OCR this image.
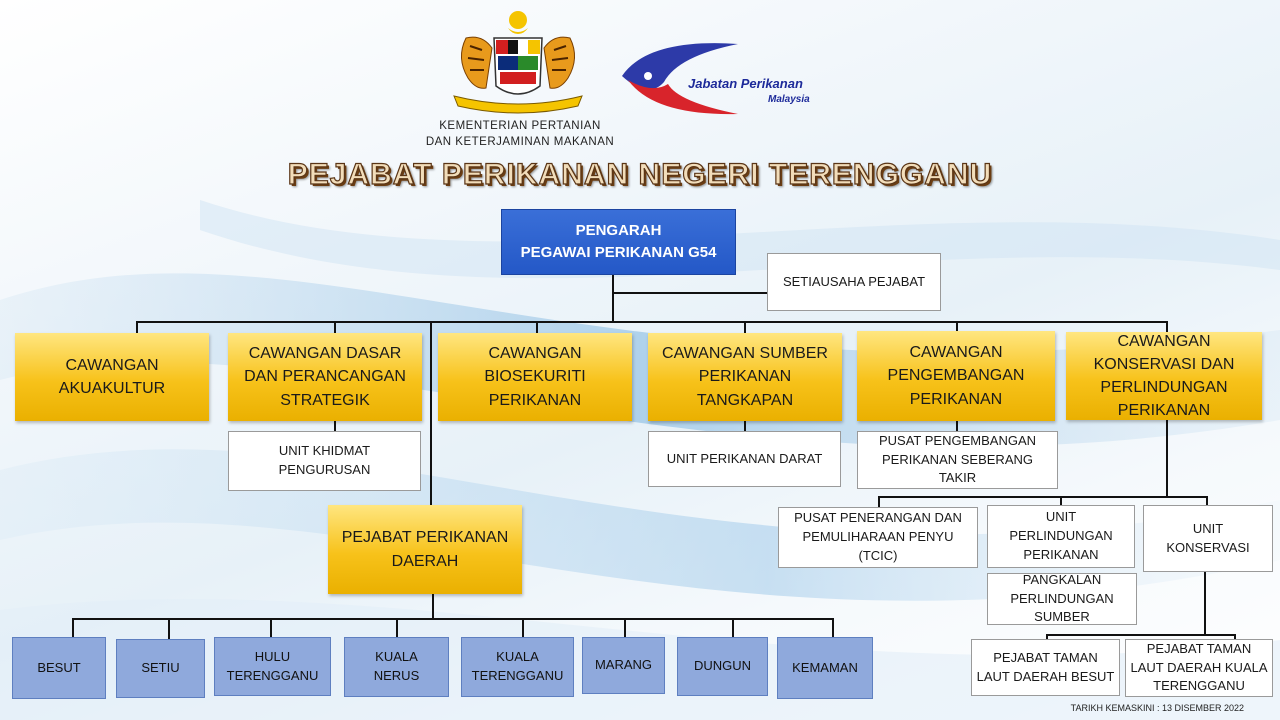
KEMENTERIAN PERTANIAN
DAN KETERJAMINAN MAKANAN
Jabatan Perikanan
Malaysia
PEJABAT PERIKANAN NEGERI TERENGGANU
PENGARAH
PEGAWAI PERIKANAN G54
SETIAUSAHA PEJABAT
CAWANGAN
AKUAKULTUR
CAWANGAN DASAR
DAN PERANCANGAN
STRATEGIK
CAWANGAN
BIOSEKURITI
PERIKANAN
CAWANGAN SUMBER
PERIKANAN
TANGKAPAN
CAWANGAN
PENGEMBANGAN
PERIKANAN
CAWANGAN
KONSERVASI DAN
PERLINDUNGAN
PERIKANAN
UNIT KHIDMAT
PENGURUSAN
UNIT PERIKANAN DARAT
PUSAT PENGEMBANGAN
PERIKANAN SEBERANG
TAKIR
PUSAT PENERANGAN DAN
PEMULIHARAAN PENYU
(TCIC)
UNIT
PERLINDUNGAN
PERIKANAN
UNIT
KONSERVASI
PANGKALAN
PERLINDUNGAN
SUMBER
PEJABAT TAMAN
LAUT DAERAH BESUT
PEJABAT TAMAN
LAUT DAERAH KUALA
TERENGGANU
PEJABAT PERIKANAN
DAERAH
BESUT	SETIU
HULU
TERENGGANU
KUALA
NERUS
KUALA
TERENGGANU
MARANG	DUNGUN	KEMAMAN
TARIKH KEMASKINI : 13 DISEMBER 2022
